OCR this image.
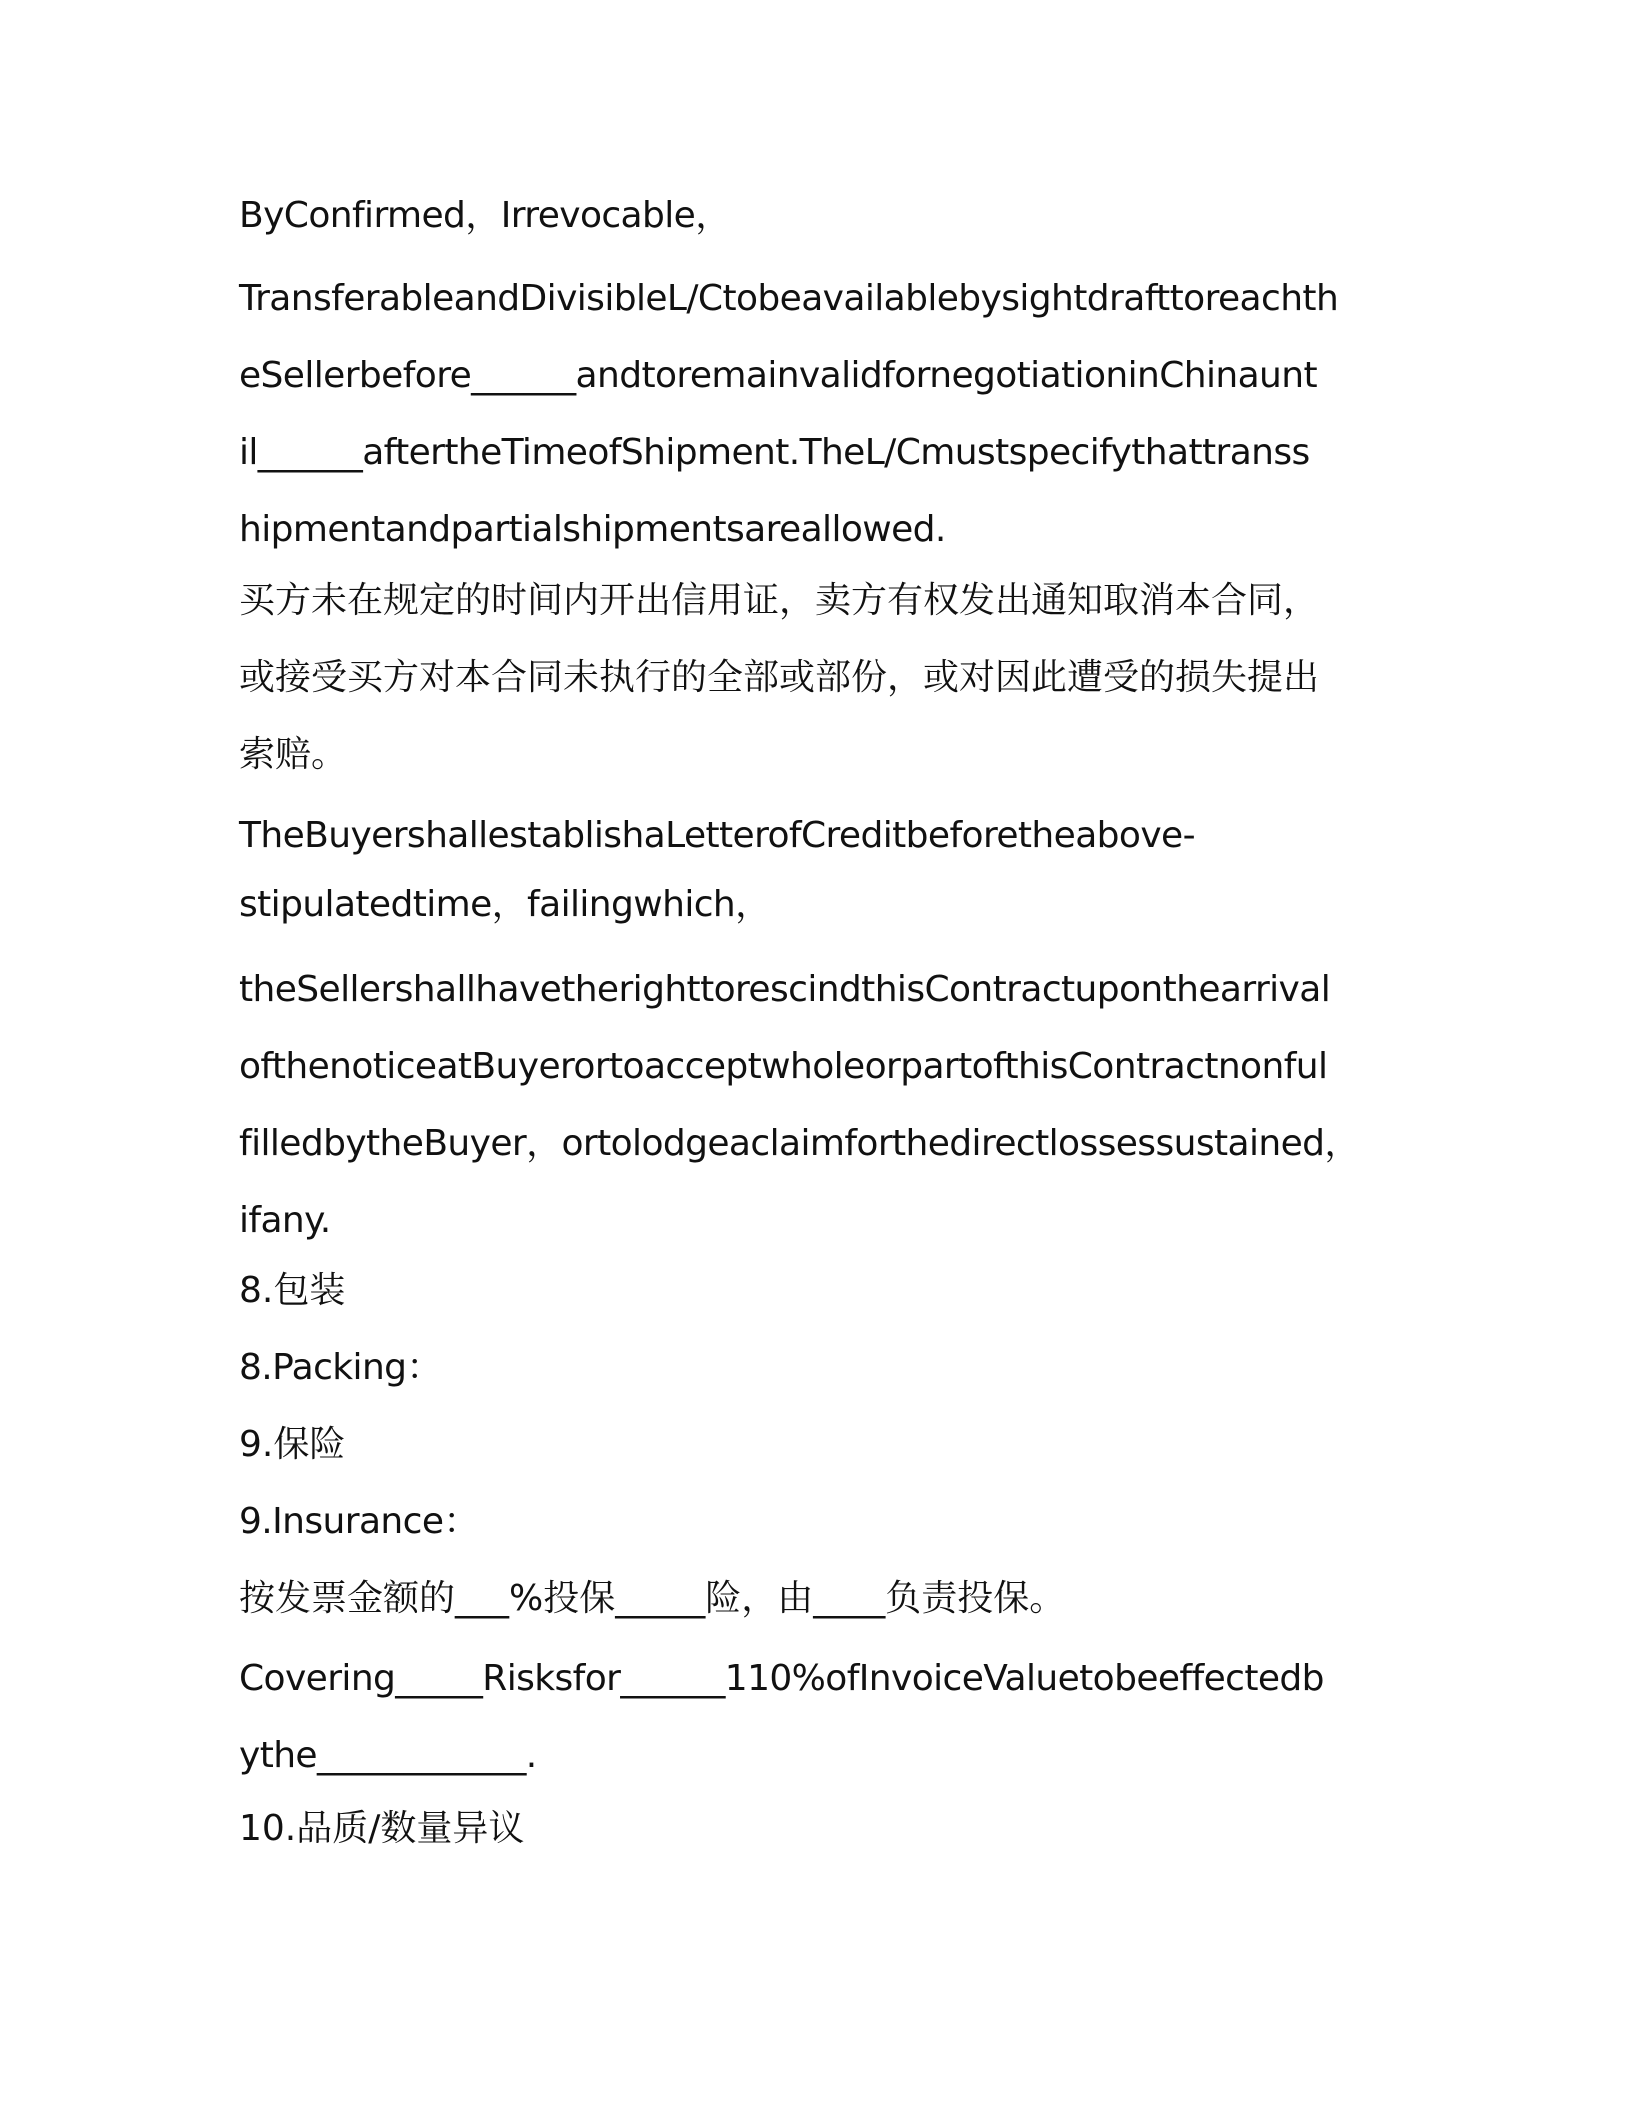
ByConfirmed，Irrevocable，

TransferableandDivisibleL/Ctobeavailablebysightdrafttoreachth

eSellerbefore______andtoremainvalidfornegotiationinChinaunt

il______aftertheTimeofShipment.TheL/Cmustspecifythattranss

hipmentandpartialshipmentsareallowed.

买方未在规定的时间内开出信用证，卖方有权发出通知取消本合同，

或接受买方对本合同未执行的全部或部份，或对因此遭受的损失提出

索赔。

TheBuyershallestablishaLetterofCreditbeforetheabove-

stipulatedtime，failingwhich，

theSellershallhavetherighttorescindthisContractuponthearrival

ofthenoticeatBuyerortoacceptwholeorpartofthisContractnonful

filledbytheBuyer，ortolodgeaclaimforthedirectlossessustained，

ifany.

8.包装

8.Packing：

9.保险

9.Insurance：

按发票金额的___%投保_____险，由____负责投保。

Covering_____Risksfor______110%ofInvoiceValuetobeeffectedb

ythe____________.

10.品质/数量异议
